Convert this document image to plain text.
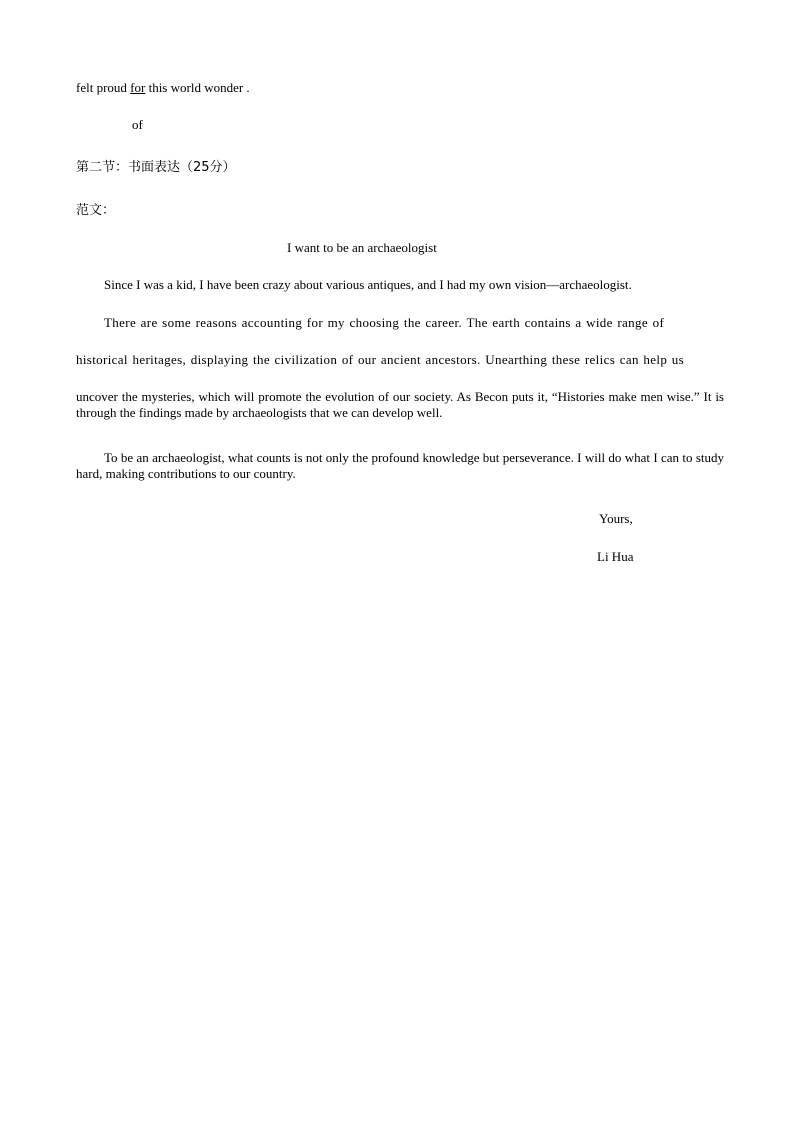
felt proud for this world wonder .
of
第二节：书面表达（25分）
范文：
I want to be an archaeologist
Since I was a kid, I have been crazy about various antiques, and I had my own vision—archaeologist.
There are some reasons accounting for my choosing the career. The earth contains a wide range of
historical heritages, displaying the civilization of our ancient ancestors. Unearthing these relics can help us
uncover the mysteries, which will promote the evolution of our society. As Becon puts it, “Histories make men wise.” It is through the findings made by archaeologists that we can develop well.
To be an archaeologist, what counts is not only the profound knowledge but perseverance. I will do what I can to study hard, making contributions to our country.
Yours,
Li Hua
